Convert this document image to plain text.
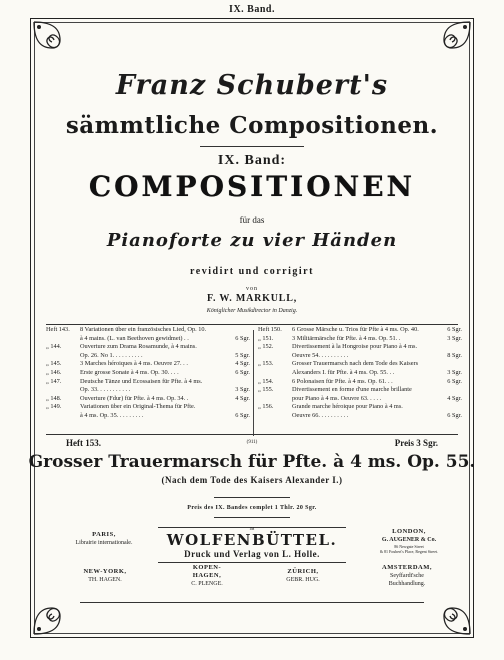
IX. Band.
Franz Schubert's
sämmtliche Compositionen.
IX. Band:
COMPOSITIONEN
für das
Pianoforte zu vier Händen
revidirt und corrigirt
von
F. W. MARKULL,
Königlicher Musikdirector in Danzig.
Heft 143.	8 Variationen über ein französisches Lied, Op. 10.
à 4 mains. (L. van Beethoven gewidmet) . .	6 Sgr.
„ 144.	Ouverture zum Drama Rosamunde, à 4 mains.
Op. 26. No 1. . . . . . . . . .	5 Sgr.
„ 145.	3 Marches héroiques à 4 ms. Oeuvre 27. . .	4 Sgr.
„ 146.	Erste grosse Sonate à 4 ms. Op. 30. . . .	6 Sgr.
„ 147.	Deutsche Tänze und Ecossaisen für Pfte. à 4 ms.
Op. 33. . . . . . . . . . .	3 Sgr.
„ 148.	Ouverture (Fdur) für Pfte. à 4 ms. Op. 34. .	4 Sgr.
„ 149.	Variationen über ein Original-Thema für Pfte.
à 4 ms. Op. 35. . . . . . . . .	6 Sgr.
Heft 150.	6 Grosse Märsche u. Trios für Pfte à 4 ms. Op. 40.	6 Sgr.
„ 151.	3 Militärmärsche für Pfte. à 4 ms. Op. 51. .	3 Sgr.
„ 152.	Divertissement à la Hongroise pour Piano à 4 ms.
Oeuvre 54. . . . . . . . . .	8 Sgr.
„ 153.	Grosser Trauermarsch nach dem Tode des Kaisers
Alexanders I. für Pfte. à 4 ms. Op. 55. . .	3 Sgr.
„ 154.	6 Polonaisen für Pfte. à 4 ms. Op. 61. . .	6 Sgr.
„ 155.	Divertissement en forme d'une marche brillante
pour Piano à 4 ms. Oeuvre 63. . . . .	4 Sgr.
„ 156.	Grande marche héroique pour Piano à 4 ms.
Oeuvre 66. . . . . . . . . .	6 Sgr.
Heft 153.	(911)	Preis 3 Sgr.
Grosser Trauermarsch für Pfte. à 4 ms. Op. 55.
(Nach dem Tode des Kaisers Alexander I.)
Preis des IX. Bandes complet 1 Thlr. 20 Sgr.
IM
WOLFENBÜTTEL.
Druck und Verlag von L. Holle.
PARIS,
Librairie internationale.
LONDON,
G. AUGENER & Co.
86 Newgate Street
& 81 Foubert's Place, Regent Street.
NEW-YORK,
TH. HAGEN.
KOPEN-
HAGEN,
C. PLENGE.
ZÜRICH,
GEBR. HUG.
AMSTERDAM,
Seyffardt'sche
Buchhandlung.
